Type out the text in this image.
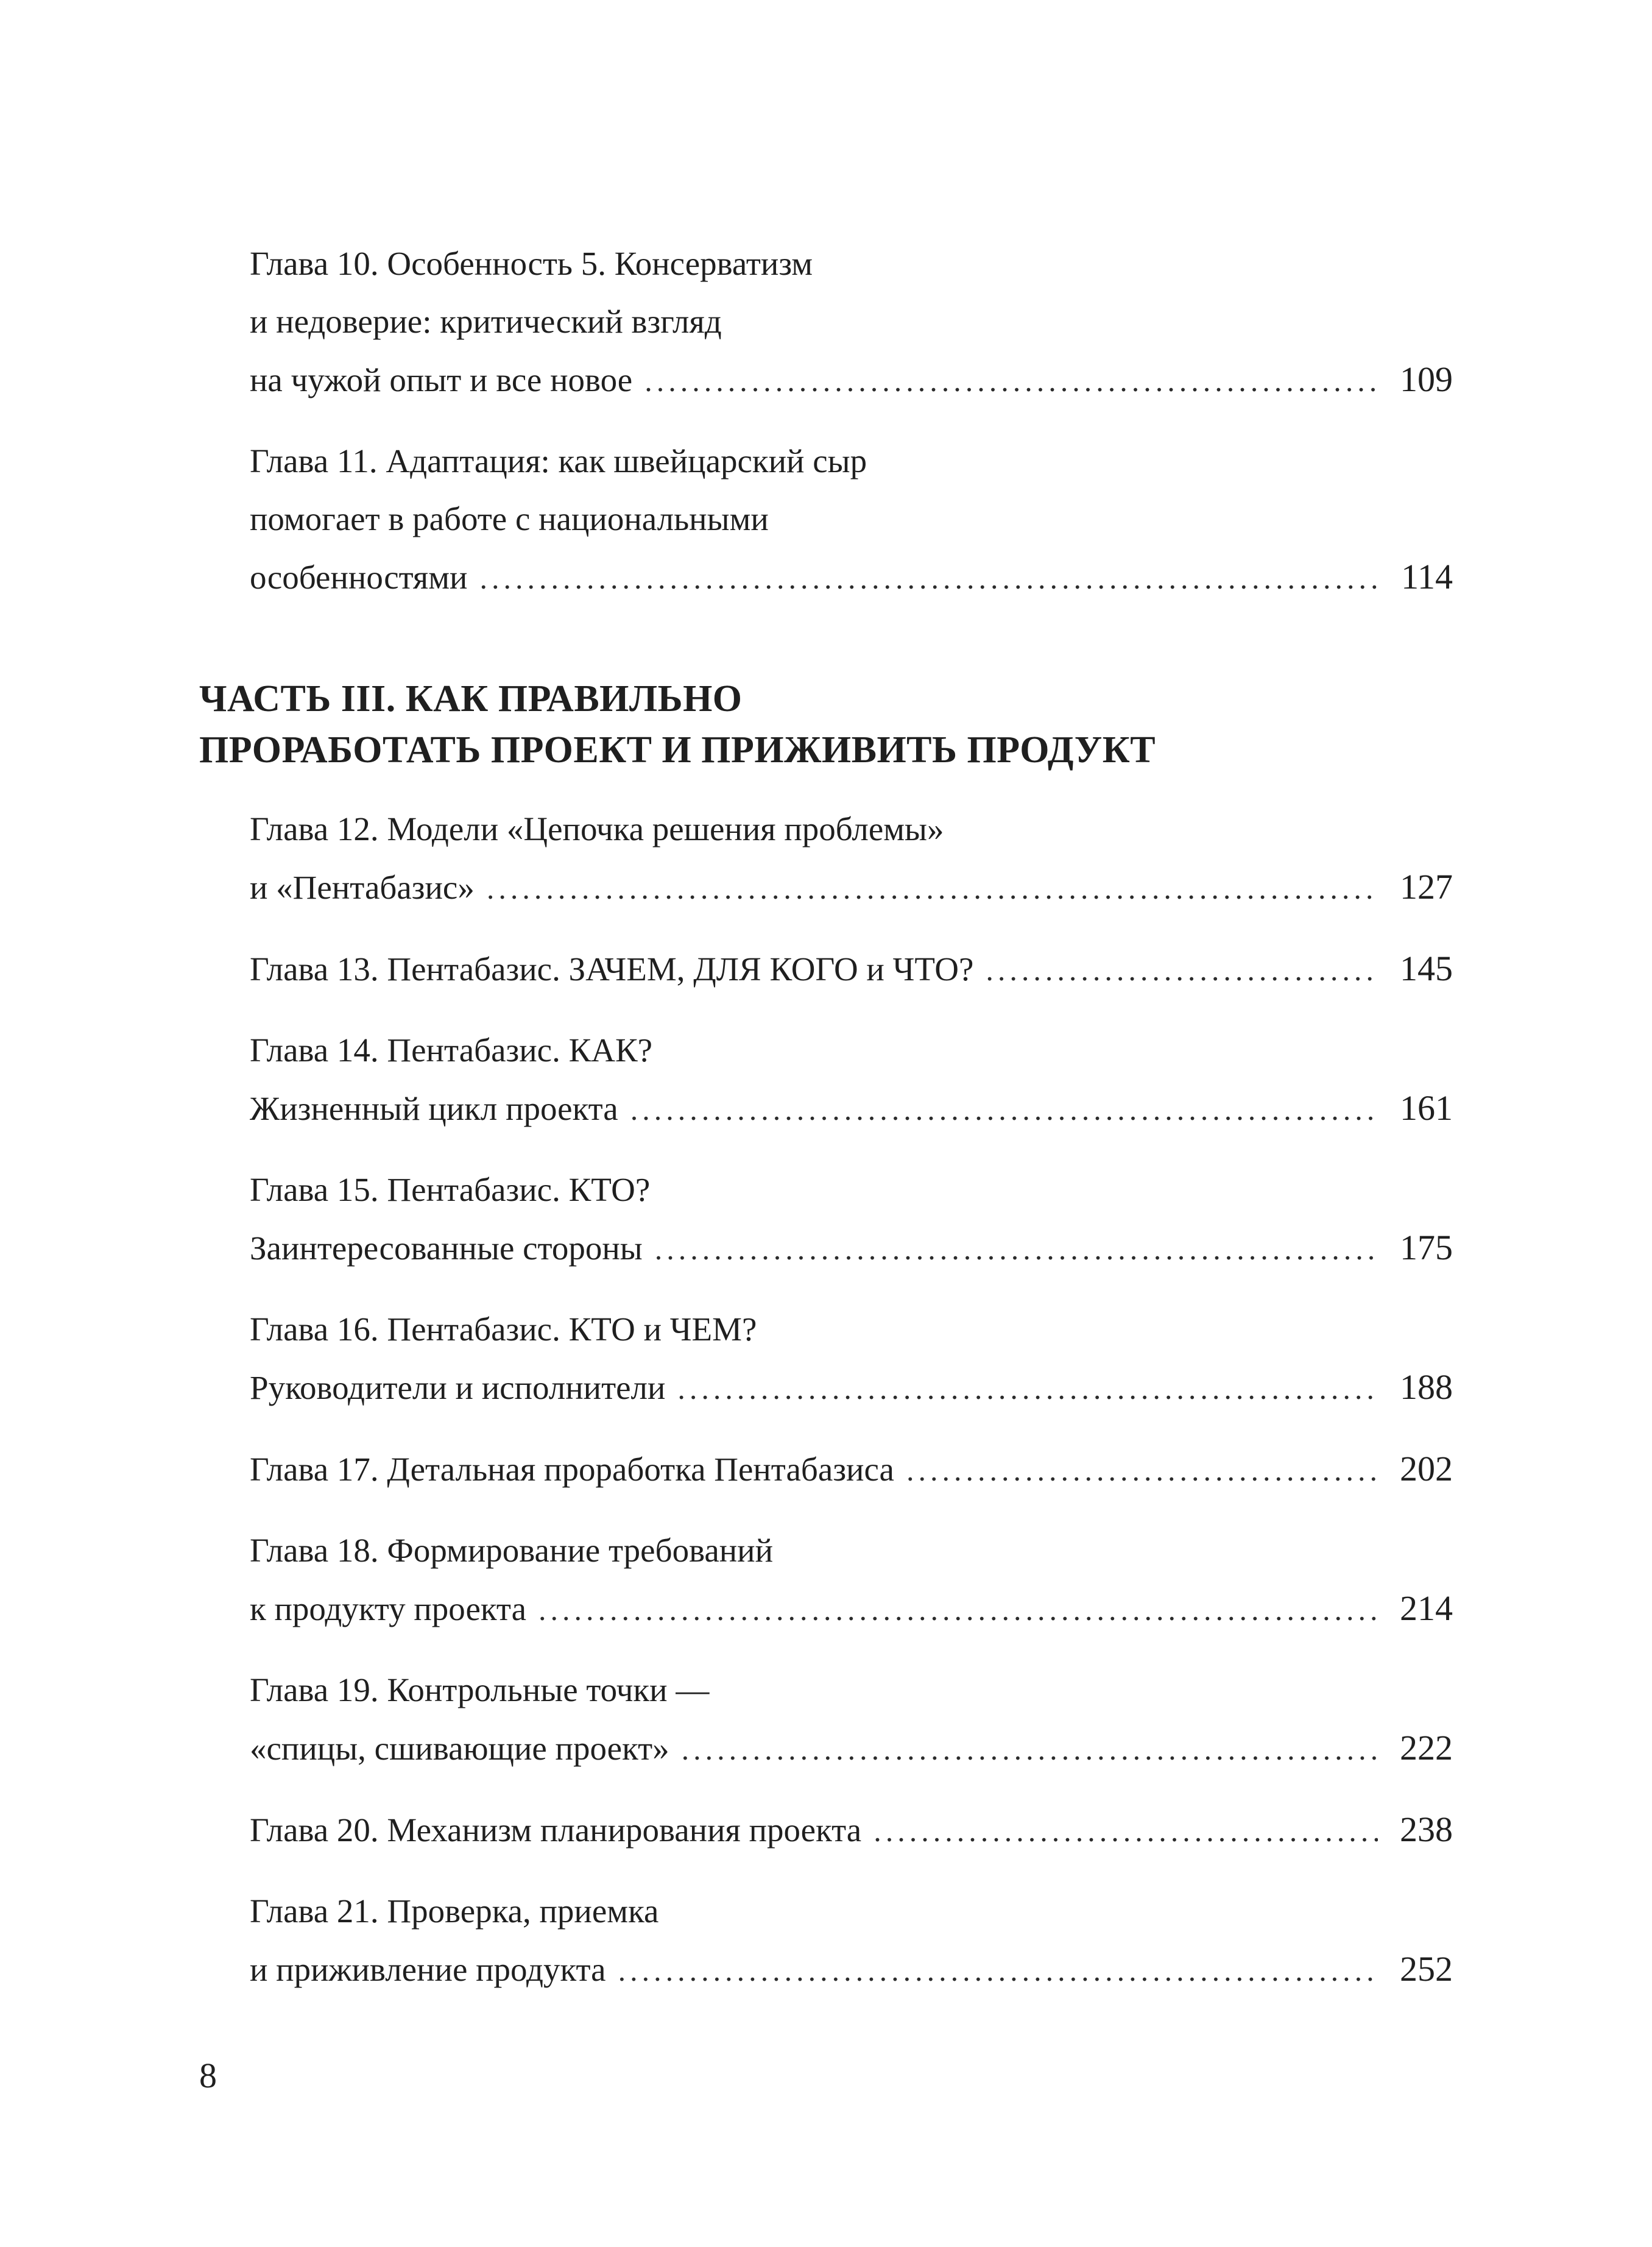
Глава 10. Особенность 5. Консерватизм
и недоверие: критический взгляд
на чужой опыт и все новое .....	109
Глава 11. Адаптация: как швейцарский сыр
помогает в работе с национальными
особенностями .....	114
ЧАСТЬ III. КАК ПРАВИЛЬНО
ПРОРАБОТАТЬ ПРОЕКТ И ПРИЖИВИТЬ ПРОДУКТ
Глава 12. Модели «Цепочка решения проблемы»
и «Пентабазис» .....	127
Глава 13. Пентабазис. ЗАЧЕМ, ДЛЯ КОГО и ЧТО? .....	145
Глава 14. Пентабазис. КАК?
Жизненный цикл проекта .....	161
Глава 15. Пентабазис. КТО?
Заинтересованные стороны .....	175
Глава 16. Пентабазис. КТО и ЧЕМ?
Руководители и исполнители .....	188
Глава 17. Детальная проработка Пентабазиса .....	202
Глава 18. Формирование требований
к продукту проекта .....	214
Глава 19. Контрольные точки —
«спицы, сшивающие проект» .....	222
Глава 20. Механизм планирования проекта .....	238
Глава 21. Проверка, приемка
и приживление продукта .....	252
8
